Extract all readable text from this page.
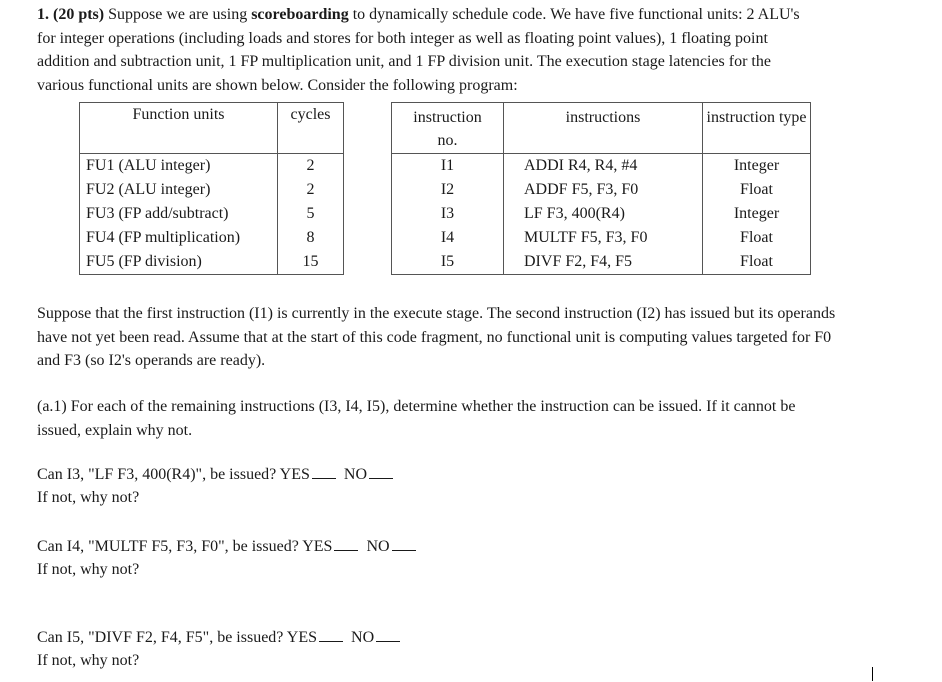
1. (20 pts) Suppose we are using scoreboarding to dynamically schedule code. We have five functional units: 2 ALU's for integer operations (including loads and stores for both integer as well as floating point values), 1 floating point addition and subtraction unit, 1 FP multiplication unit, and 1 FP division unit. The execution stage latencies for the various functional units are shown below. Consider the following program:
Function units	cycles
FU1 (ALU integer)	2
FU2 (ALU integer)	2
FU3 (FP add/subtract)	5
FU4 (FP multiplication)	8
FU5 (FP division)	15
instruction
no.	instructions	instruction type
I1	ADDI R4, R4, #4	Integer
I2	ADDF F5, F3, F0	Float
I3	LF F3, 400(R4)	Integer
I4	MULTF F5, F3, F0	Float
I5	DIVF F2, F4, F5	Float
Suppose that the first instruction (I1) is currently in the execute stage. The second instruction (I2) has issued but its operands have not yet been read. Assume that at the start of this code fragment, no functional unit is computing values targeted for F0 and F3 (so I2's operands are ready).
(a.1) For each of the remaining instructions (I3, I4, I5), determine whether the instruction can be issued. If it cannot be issued, explain why not.
Can I3, "LF F3, 400(R4)", be issued? YES NO
If not, why not?
Can I4, "MULTF F5, F3, F0", be issued? YES NO
If not, why not?
Can I5, "DIVF F2, F4, F5", be issued? YES NO
If not, why not?
